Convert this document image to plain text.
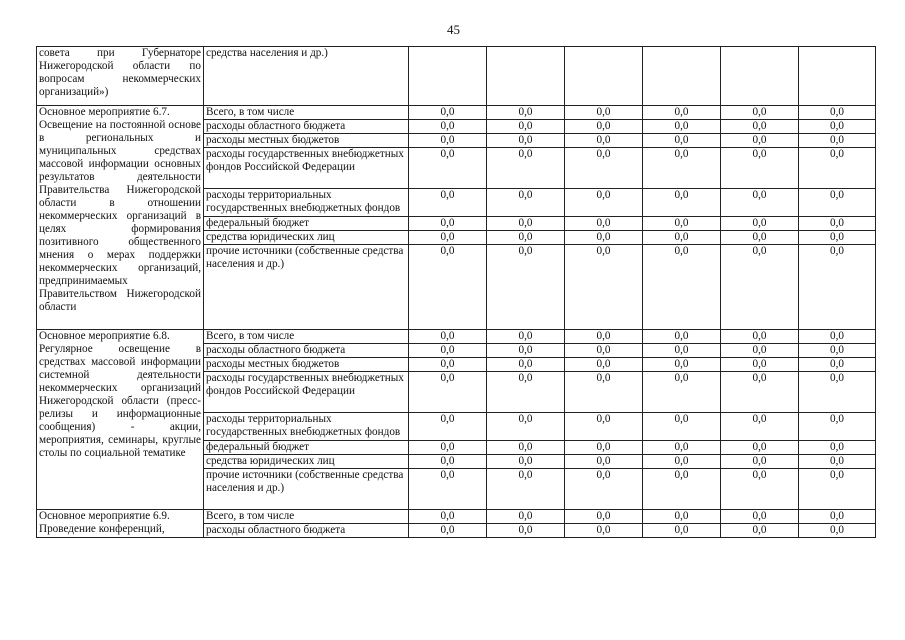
45
совета при Губернаторе Нижегородской области по вопросам некоммерческих организаций»)	средства населения и др.)						

Основное мероприятие 6.7.
Освещение на постоянной основе в региональных и муниципальных средствах массовой информации основных результатов деятельности Правительства Нижегородской области в отношении некоммерческих организаций в целях формирования позитивного общественного мнения о мерах поддержки некоммерческих организаций, предпринимаемых Правительством Нижегородской области	Всего, в том числе	0,0	0,0	0,0	0,0	0,0	0,0
	расходы областного бюджета	0,0	0,0	0,0	0,0	0,0	0,0
	расходы местных бюджетов	0,0	0,0	0,0	0,0	0,0	0,0
	расходы государственных внебюджетных фондов Российской Федерации	0,0	0,0	0,0	0,0	0,0	0,0
	расходы территориальных государственных внебюджетных фондов	0,0	0,0	0,0	0,0	0,0	0,0
	федеральный бюджет	0,0	0,0	0,0	0,0	0,0	0,0
	средства юридических лиц	0,0	0,0	0,0	0,0	0,0	0,0
	прочие источники (собственные средства населения и др.)	0,0	0,0	0,0	0,0	0,0	0,0

Основное мероприятие 6.8.
Регулярное освещение в средствах массовой информации системной деятельности некоммерческих организаций Нижегородской области (пресс-релизы и информационные сообщения) - акции, мероприятия, семинары, круглые столы по социальной тематике	Всего, в том числе	0,0	0,0	0,0	0,0	0,0	0,0
	расходы областного бюджета	0,0	0,0	0,0	0,0	0,0	0,0
	расходы местных бюджетов	0,0	0,0	0,0	0,0	0,0	0,0
	расходы государственных внебюджетных фондов Российской Федерации	0,0	0,0	0,0	0,0	0,0	0,0
	расходы территориальных государственных внебюджетных фондов	0,0	0,0	0,0	0,0	0,0	0,0
	федеральный бюджет	0,0	0,0	0,0	0,0	0,0	0,0
	средства юридических лиц	0,0	0,0	0,0	0,0	0,0	0,0
	прочие источники (собственные средства населения и др.)	0,0	0,0	0,0	0,0	0,0	0,0

Основное мероприятие 6.9.
Проведение конференций,	Всего, в том числе	0,0	0,0	0,0	0,0	0,0	0,0
	расходы областного бюджета	0,0	0,0	0,0	0,0	0,0	0,0
